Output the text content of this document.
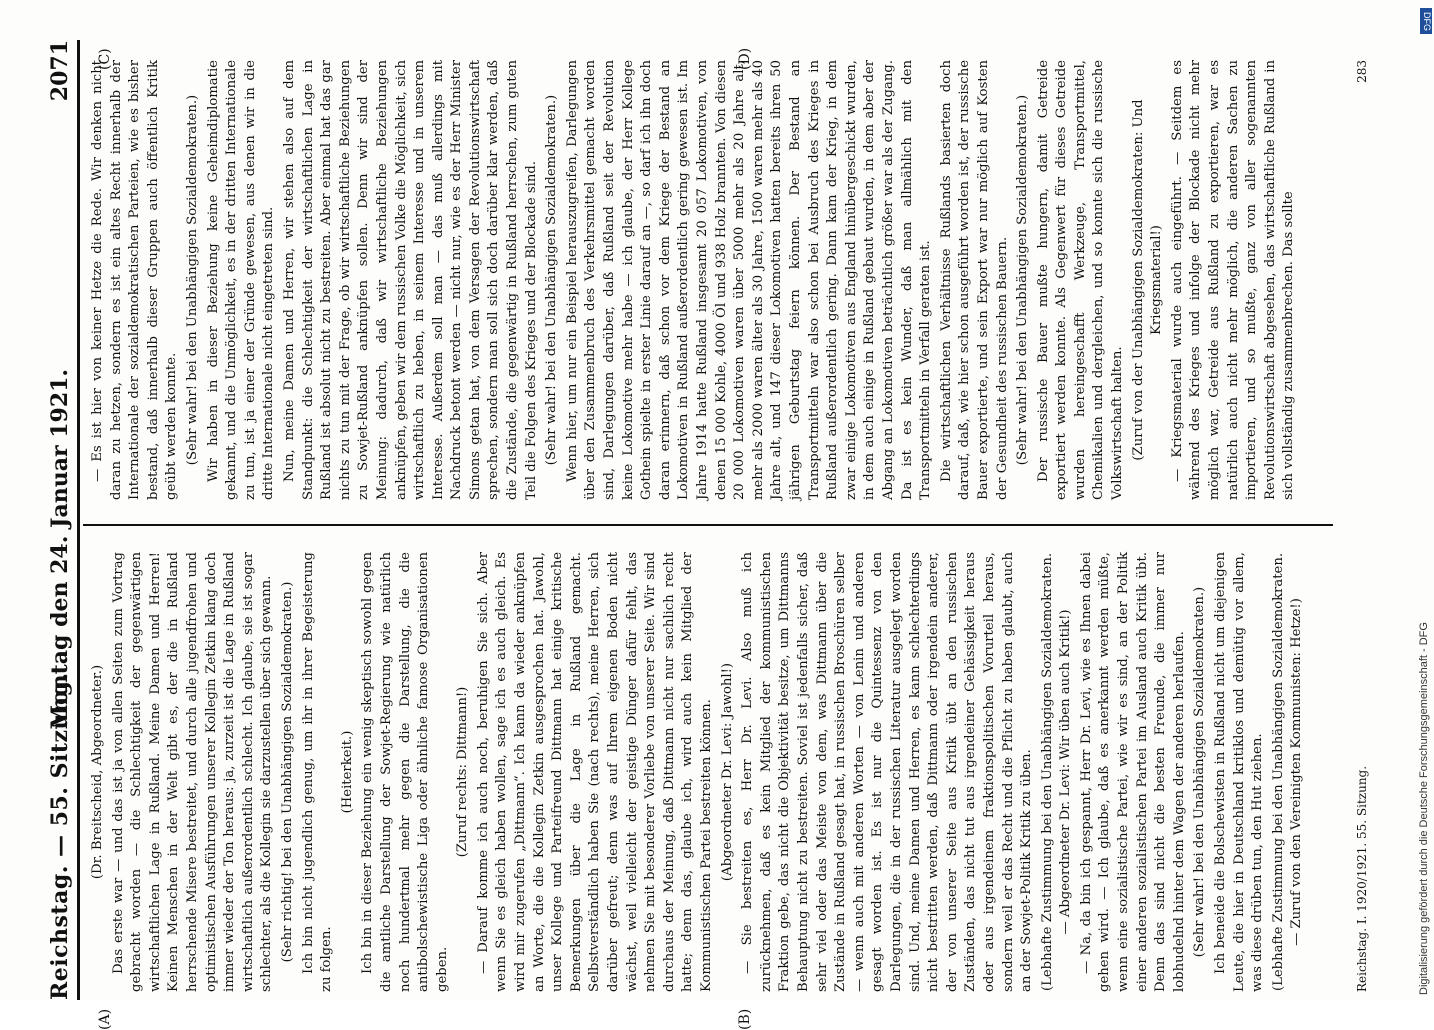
Reichstag. — 55. Sitzung.
Montag den 24. Januar 1921. 2071
(A)	(B)
(C)	(D)

(Dr. Breitscheid, Abgeordneter.) Das erste war — und das ist ja von allen Seiten zum Vortrag gebracht worden — die Schlechtigkeit der gegenwärtigen wirtschaftlichen Lage in Rußland. Meine Damen und Herren! Keinen Menschen in der Welt gibt es, der die in Rußland herrschende Misere bestreitet, und durch alle jugendfrohen und optimistischen Ausführungen unserer Kollegin Zetkin klang doch immer wieder der Ton heraus: ja, zurzeit ist die Lage in Rußland wirtschaftlich außerordentlich schlecht. Ich glaube, sie ist sogar schlechter, als die Kollegin sie darzustellen über sich gewann. (Sehr richtig! bei den Unabhängigen Sozialdemokraten.) Ich bin nicht jugendlich genug, um ihr in ihrer Begeisterung zu folgen.

(Heiterkeit.) Ich bin in dieser Beziehung ein wenig skeptisch sowohl gegen die amtliche Darstellung der Sowjet-Regierung wie natürlich noch hundertmal mehr gegen die Darstellung, die die antibolschewistische Liga oder ähnliche famose Organisationen geben.

(Zuruf rechts: Dittmann!) — Darauf komme ich auch noch, beruhigen Sie sich. Aber wenn Sie es gleich haben wollen, sage ich es auch gleich. Es wird mir zugerufen „Dittmann“. Ich kann da wieder anknüpfen an Worte, die die Kollegin Zetkin ausgesprochen hat. Jawohl, unser Kollege und Parteifreund Dittmann hat einige kritische Bemerkungen über die Lage in Rußland gemacht. Selbstverständlich haben Sie (nach rechts), meine Herren, sich darüber gefreut; denn was auf Ihrem eigenen Boden nicht wächst, weil vielleicht der geistige Dünger dafür fehlt, das nehmen Sie mit besonderer Vorliebe von unserer Seite. Wir sind durchaus der Meinung, daß Dittmann nicht nur sachlich recht hatte; denn das, glaube ich, wird auch kein Mitglied der Kommunistischen Partei bestreiten können. (Abgeordneter Dr. Levi: Jawohl!) — Sie bestreiten es, Herr Dr. Levi. Also muß ich zurücknehmen, daß es kein Mitglied der kommunistischen Fraktion gebe, das nicht die Objektivität besitze, um Dittmanns Behauptung nicht zu bestreiten. Soviel ist jedenfalls sicher, daß sehr viel oder das Meiste von dem, was Dittmann über die Zustände in Rußland gesagt hat, in russischen Broschüren selber — wenn auch mit anderen Worten — von Lenin und anderen gesagt worden ist. Es ist nur die Quintessenz von den Darlegungen, die in der russischen Literatur ausgelegt worden sind. Und, meine Damen und Herren, es kann schlechterdings nicht bestritten werden, daß Dittmann oder irgendein anderer, der von unserer Seite aus Kritik übt an den russischen Zuständen, das nicht tut aus irgendeiner Gehässigkeit heraus oder aus irgendeinem fraktionspolitischen Vorurteil heraus, sondern weil er das Recht und die Pflicht zu haben glaubt, auch an der Sowjet-Politik Kritik zu üben. (Lebhafte Zustimmung bei den Unabhängigen Sozialdemokraten. — Abgeordneter Dr. Levi: Wir üben auch Kritik!) — Na, da bin ich gespannt, Herr Dr. Levi, wie es Ihnen dabei gehen wird. — Ich glaube, daß es anerkannt werden müßte, wenn eine sozialistische Partei, wie wir es sind, an der Politik einer anderen sozialistischen Partei im Ausland auch Kritik übt. Denn das sind nicht die besten Freunde, die immer nur lobhudelnd hinter dem Wagen der anderen herlaufen. (Sehr wahr! bei den Unabhängigen Sozialdemokraten.) Ich beneide die Bolschewisten in Rußland nicht um diejenigen Leute, die hier in Deutschland kritiklos und demütig vor allem, was diese drüben tun, den Hut ziehen. (Lebhafte Zustimmung bei den Unabhängigen Sozialdemokraten. — Zuruf von den Vereinigten Kommunisten: Hetze!)

— Es ist hier von keiner Hetze die Rede. Wir denken nicht daran zu hetzen, sondern es ist ein altes Recht innerhalb der Internationale der sozialdemokratischen Parteien, wie es bisher bestand, daß innerhalb dieser Gruppen auch öffentlich Kritik geübt werden konnte. (Sehr wahr! bei den Unabhängigen Sozialdemokraten.) Wir haben in dieser Beziehung keine Geheimdiplomatie gekannt, und die Unmöglichkeit, es in der dritten Internationale zu tun, ist ja einer der Gründe gewesen, aus denen wir in die dritte Internationale nicht eingetreten sind. Nun, meine Damen und Herren, wir stehen also auf dem Standpunkt: die Schlechtigkeit der wirtschaftlichen Lage in Rußland ist absolut nicht zu bestreiten. Aber einmal hat das gar nichts zu tun mit der Frage, ob wir wirtschaftliche Beziehungen zu Sowjet-Rußland anknüpfen sollen. Denn wir sind der Meinung: dadurch, daß wir wirtschaftliche Beziehungen anknüpfen, geben wir dem russischen Volke die Möglichkeit, sich wirtschaftlich zu heben, in seinem Interesse und in unserem Interesse. Außerdem soll man — das muß allerdings mit Nachdruck betont werden — nicht nur, wie es der Herr Minister Simons getan hat, von dem Versagen der Revolutionswirtschaft sprechen, sondern man soll sich doch darüber klar werden, daß die Zustände, die gegenwärtig in Rußland herrschen, zum guten Teil die Folgen des Krieges und der Blockade sind. (Sehr wahr! bei den Unabhängigen Sozialdemokraten.) Wenn hier, um nur ein Beispiel herauszugreifen, Darlegungen über den Zusammenbruch des Verkehrsmittel gemacht worden sind, Darlegungen darüber, daß Rußland seit der Revolution keine Lokomotive mehr habe — ich glaube, der Herr Kollege Gothein spielte in erster Linie darauf an —, so darf ich ihn doch daran erinnern, daß schon vor dem Kriege der Bestand an Lokomotiven in Rußland außerordentlich gering gewesen ist. Im Jahre 1914 hatte Rußland insgesamt 20 057 Lokomotiven, von denen 15 000 Kohle, 4000 Öl und 938 Holz brannten. Von diesen 20 000 Lokomotiven waren über 5000 mehr als 20 Jahre alt, mehr als 2000 waren älter als 30 Jahre, 1500 waren mehr als 40 Jahre alt, und 147 dieser Lokomotiven hatten bereits ihren 50 jährigen Geburtstag feiern können. Der Bestand an Transportmitteln war also schon bei Ausbruch des Krieges in Rußland außerordentlich gering. Dann kam der Krieg, in dem zwar einige Lokomotiven aus England hinübergeschickt wurden, in dem auch einige in Rußland gebaut wurden, in dem aber der Abgang an Lokomotiven beträchtlich größer war als der Zugang. Da ist es kein Wunder, daß man allmählich mit den Transportmitteln in Verfall geraten ist. Die wirtschaftlichen Verhältnisse Rußlands basierten doch darauf, daß, wie hier schon ausgeführt worden ist, der russische Bauer exportierte, und sein Export war nur möglich auf Kosten der Gesundheit des russischen Bauern. (Sehr wahr! bei den Unabhängigen Sozialdemokraten.) Der russische Bauer mußte hungern, damit Getreide exportiert werden konnte. Als Gegenwert für dieses Getreide wurden hereingeschafft Werkzeuge, Transportmittel, Chemikalien und dergleichen, und so konnte sich die russische Volkswirtschaft halten. (Zuruf von der Unabhängigen Sozialdemokraten: Und Kriegsmaterial!) — Kriegsmaterial wurde auch eingeführt. — Seitdem es während des Krieges und infolge der Blockade nicht mehr möglich war, Getreide aus Rußland zu exportieren, war es natürlich auch nicht mehr möglich, die anderen Sachen zu importieren, und so mußte, ganz von aller sogenannten Revolutionswirtschaft abgesehen, das wirtschaftliche Rußland in sich vollständig zusammenbrechen. Das sollte

Reichstag. I. 1920/1921. 55. Sitzung.
283
DFG
Digitalisierung gefördert durch die Deutsche Forschungsgemeinschaft - DFG
